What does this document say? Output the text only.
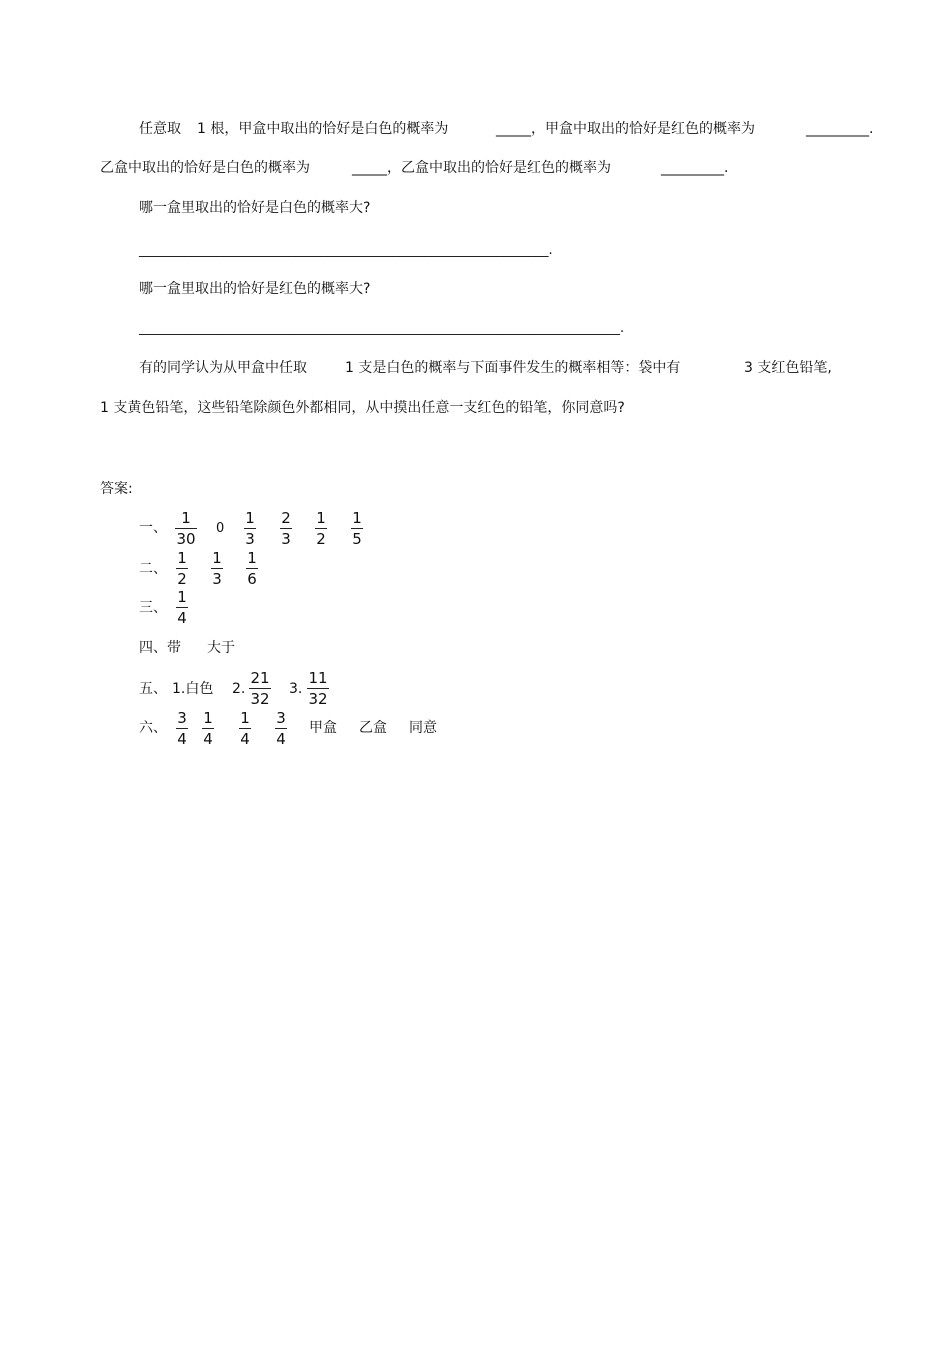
任意取 1 根，甲盒中取出的恰好是白色的概率为	_____，甲盒中取出的恰好是红色的概率为	_________.
乙盒中取出的恰好是白色的概率为	_____，乙盒中取出的恰好是红色的概率为	_________.
哪一盒里取出的恰好是白色的概率大?
_______________________________________________________________.
哪一盒里取出的恰好是红色的概率大?
__________________________________________________________________________.
有的同学认为从甲盒中任取	1 支是白色的概率与下面事件发生的概率相等：袋中有	3 支红色铅笔,
1 支黄色铅笔，这些铅笔除颜色外都相同，从中摸出任意一支红色的铅笔，你同意吗?
答案:
一、
1
30
0
1
3
2
3
1
2
1
5
二、
1
2
1
3
1
6
三、
1
4
四、带 大于
五、 1.白色 2.
21
32
3.
11
32
六、
3
4
1
4
1
4
3
4
甲盒 乙盒 同意
